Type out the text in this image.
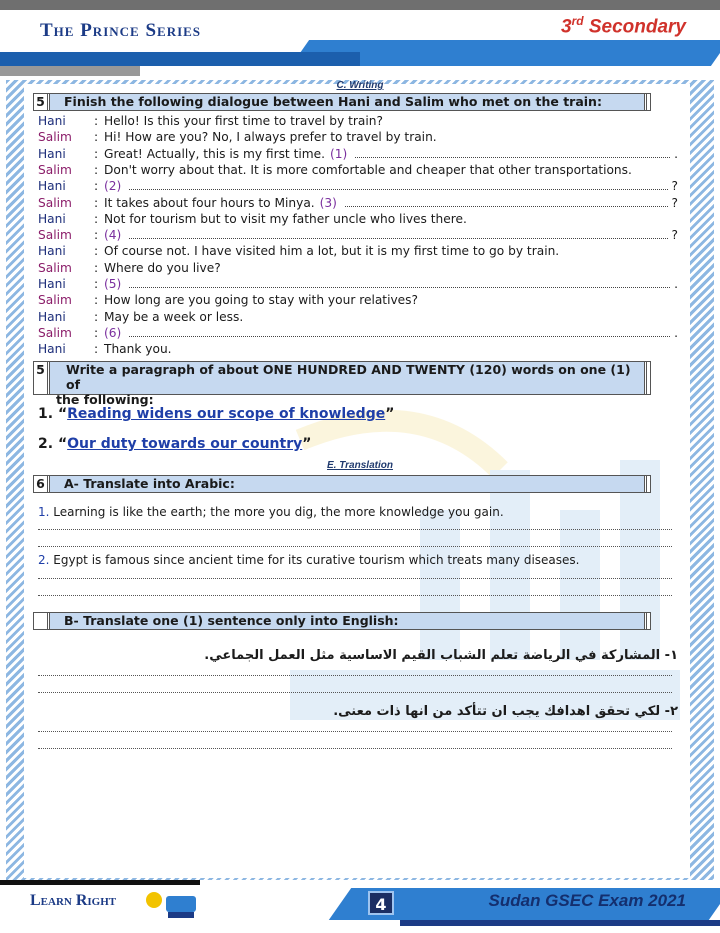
The Prince Series	3rd Secondary
C. Writing
5	Finish the following dialogue between Hani and Salim who met on the train:
Hani	: Hello! Is this your first time to travel by train?
Salim	: Hi! How are you? No, I always prefer to travel by train.
Hani	: Great! Actually, this is my first time. (1)	.
Salim	: Don't worry about that. It is more comfortable and cheaper that other transportations.
Hani	: (2)	?
Salim	: It takes about four hours to Minya. (3)	?
Hani	: Not for tourism but to visit my father uncle who lives there.
Salim	: (4)	?
Hani	: Of course not. I have visited him a lot, but it is my first time to go by train.
Salim	: Where do you live?
Hani	: (5)	.
Salim	: How long are you going to stay with your relatives?
Hani	: May be a week or less.
Salim	: (6)	.
Hani	: Thank you.
5	Write a paragraph of about ONE HUNDRED AND TWENTY (120) words on one (1) of
the following:
1. “Reading widens our scope of knowledge”
2. “Our duty towards our country”
E. Translation
6	A- Translate into Arabic:
1. Learning is like the earth; the more you dig, the more knowledge you gain.
2. Egypt is famous since ancient time for its curative tourism which treats many diseases.
B- Translate one (1) sentence only into English:
١- المشاركة في الرياضة تعلم الشباب القيم الاساسية مثل العمل الجماعي.
٢- لكي تحقق اهدافك يجب ان تتأكد من انها ذات معنى.
Learn Right	4	Sudan GSEC Exam 2021
